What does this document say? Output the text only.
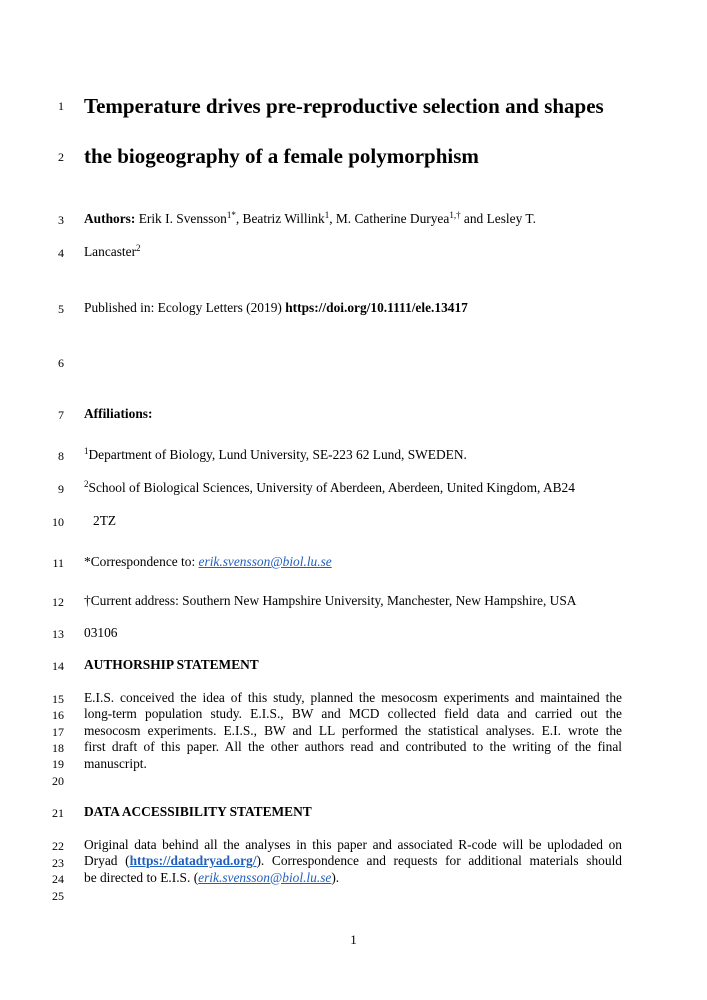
1
2
3
4
5
6
7
8
9
10
11
12
13
14
15
16
17
18
19
20
21
22
23
24
25
Temperature drives pre-reproductive selection and shapes
the biogeography of a female polymorphism
Authors: Erik I. Svensson$^{1*}$, Beatriz Willink$^1$, M. Catherine Duryea$^{1,\dagger}$ and Lesley T.
Lancaster$^2$
Published in: Ecology Letters (2019) https://doi.org/10.1111/ele.13417
Affiliations:
$^1$Department of Biology, Lund University, SE-223 62 Lund, SWEDEN.
$^2$School of Biological Sciences, University of Aberdeen, Aberdeen, United Kingdom, AB24
2TZ
*Correspondence to: erik.svensson@biol.lu.se
†Current address: Southern New Hampshire University, Manchester, New Hampshire, USA
03106
AUTHORSHIP STATEMENT
E.I.S. conceived the idea of this study, planned the mesocosm experiments and maintained the
long-term population study. E.I.S., BW and MCD collected field data and carried out the
mesocosm experiments. E.I.S., BW and LL performed the statistical analyses. E.I. wrote the
first draft of this paper. All the other authors read and contributed to the writing of the final
manuscript.
DATA ACCESSIBILITY STATEMENT
Original data behind all the analyses in this paper and associated R-code will be uplodaded on
Dryad (https://datadryad.org/). Correspondence and requests for additional materials should
be directed to E.I.S. (erik.svensson@biol.lu.se).
1
